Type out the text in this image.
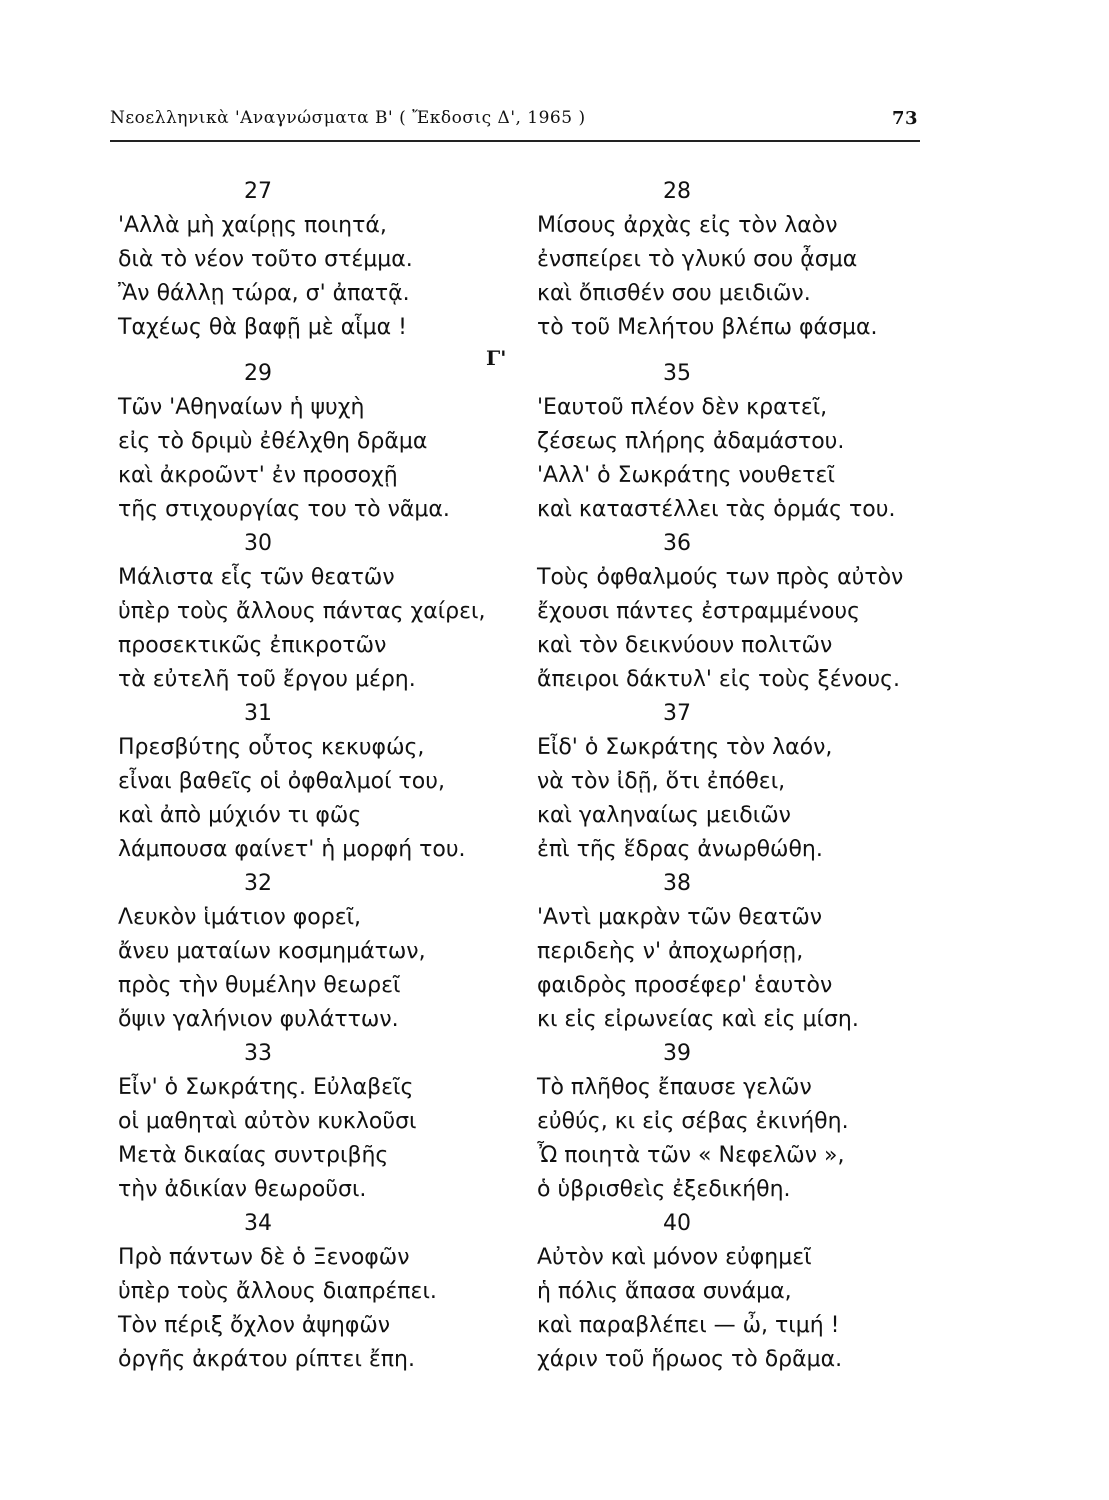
Νεοελληνικὰ 'Αναγνώσματα Β' ( Ἔκδοσις Δ', 1965 )	73
Γ'
27
'Αλλὰ μὴ χαίρῃς ποιητά,
διὰ τὸ νέον τοῦτο στέμμα.
Ἂν θάλλῃ τώρα, σ' ἀπατᾷ.
Ταχέως θὰ βαφῇ μὲ αἷμα !
29
Τῶν 'Αθηναίων ἡ ψυχὴ
εἰς τὸ δριμὺ ἐθέλχθη δρᾶμα
καὶ ἀκροῶντ' ἐν προσοχῇ
τῆς στιχουργίας του τὸ νᾶμα.
30
Μάλιστα εἷς τῶν θεατῶν
ὑπὲρ τοὺς ἄλλους πάντας χαίρει,
προσεκτικῶς ἐπικροτῶν
τὰ εὐτελῆ τοῦ ἔργου μέρη.
31
Πρεσβύτης οὗτος κεκυφώς,
εἶναι βαθεῖς οἱ ὀφθαλμοί του,
καὶ ἀπὸ μύχιόν τι φῶς
λάμπουσα φαίνετ' ἡ μορφή του.
32
Λευκὸν ἱμάτιον φορεῖ,
ἄνευ ματαίων κοσμημάτων,
πρὸς τὴν θυμέλην θεωρεῖ
ὄψιν γαλήνιον φυλάττων.
33
Εἶν' ὁ Σωκράτης. Εὐλαβεῖς
οἱ μαθηταὶ αὐτὸν κυκλοῦσι
Μετὰ δικαίας συντριβῆς
τὴν ἀδικίαν θεωροῦσι.
34
Πρὸ πάντων δὲ ὁ Ξενοφῶν
ὑπὲρ τοὺς ἄλλους διαπρέπει.
Τὸν πέριξ ὄχλον ἀψηφῶν
ὀργῆς ἀκράτου ρίπτει ἔπη.
28
Μίσους ἀρχὰς εἰς τὸν λαὸν
ἐνσπείρει τὸ γλυκύ σου ᾆσμα
καὶ ὄπισθέν σου μειδιῶν.
τὸ τοῦ Μελήτου βλέπω φάσμα.
35
'Εαυτοῦ πλέον δὲν κρατεῖ,
ζέσεως πλήρης ἀδαμάστου.
'Αλλ' ὁ Σωκράτης νουθετεῖ
καὶ καταστέλλει τὰς ὁρμάς του.
36
Τοὺς ὀφθαλμούς των πρὸς αὐτὸν
ἔχουσι πάντες ἐστραμμένους
καὶ τὸν δεικνύουν πολιτῶν
ἄπειροι δάκτυλ' εἰς τοὺς ξένους.
37
Εἶδ' ὁ Σωκράτης τὸν λαόν,
νὰ τὸν ἰδῇ, ὅτι ἐπόθει,
καὶ γαληναίως μειδιῶν
ἐπὶ τῆς ἕδρας ἀνωρθώθη.
38
'Αντὶ μακρὰν τῶν θεατῶν
περιδεὴς ν' ἀποχωρήσῃ,
φαιδρὸς προσέφερ' ἑαυτὸν
κι εἰς εἰρωνείας καὶ εἰς μίση.
39
Τὸ πλῆθος ἔπαυσε γελῶν
εὐθύς, κι εἰς σέβας ἐκινήθη.
Ὦ ποιητὰ τῶν « Νεφελῶν »,
ὁ ὑβρισθεὶς ἐξεδικήθη.
40
Αὐτὸν καὶ μόνον εὐφημεῖ
ἡ πόλις ἅπασα συνάμα,
καὶ παραβλέπει — ὦ, τιμή !
χάριν τοῦ ἥρωος τὸ δρᾶμα.
